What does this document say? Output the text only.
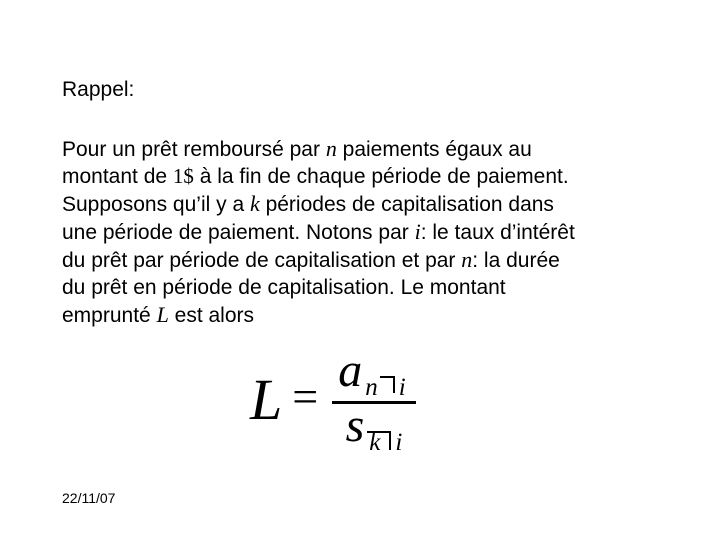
Rappel:
Pour un prêt remboursé par n paiements égaux au
montant de 1$ à la fin de chaque période de paiement.
Supposons qu’il y a k périodes de capitalisation dans
une période de paiement. Notons par i: le taux d’intérêt
du prêt par période de capitalisation et par n: la durée
du prêt en période de capitalisation. Le montant
emprunté L est alors
$L = \frac{\text{a n i}}{\text{s k i}}$
22/11/07
